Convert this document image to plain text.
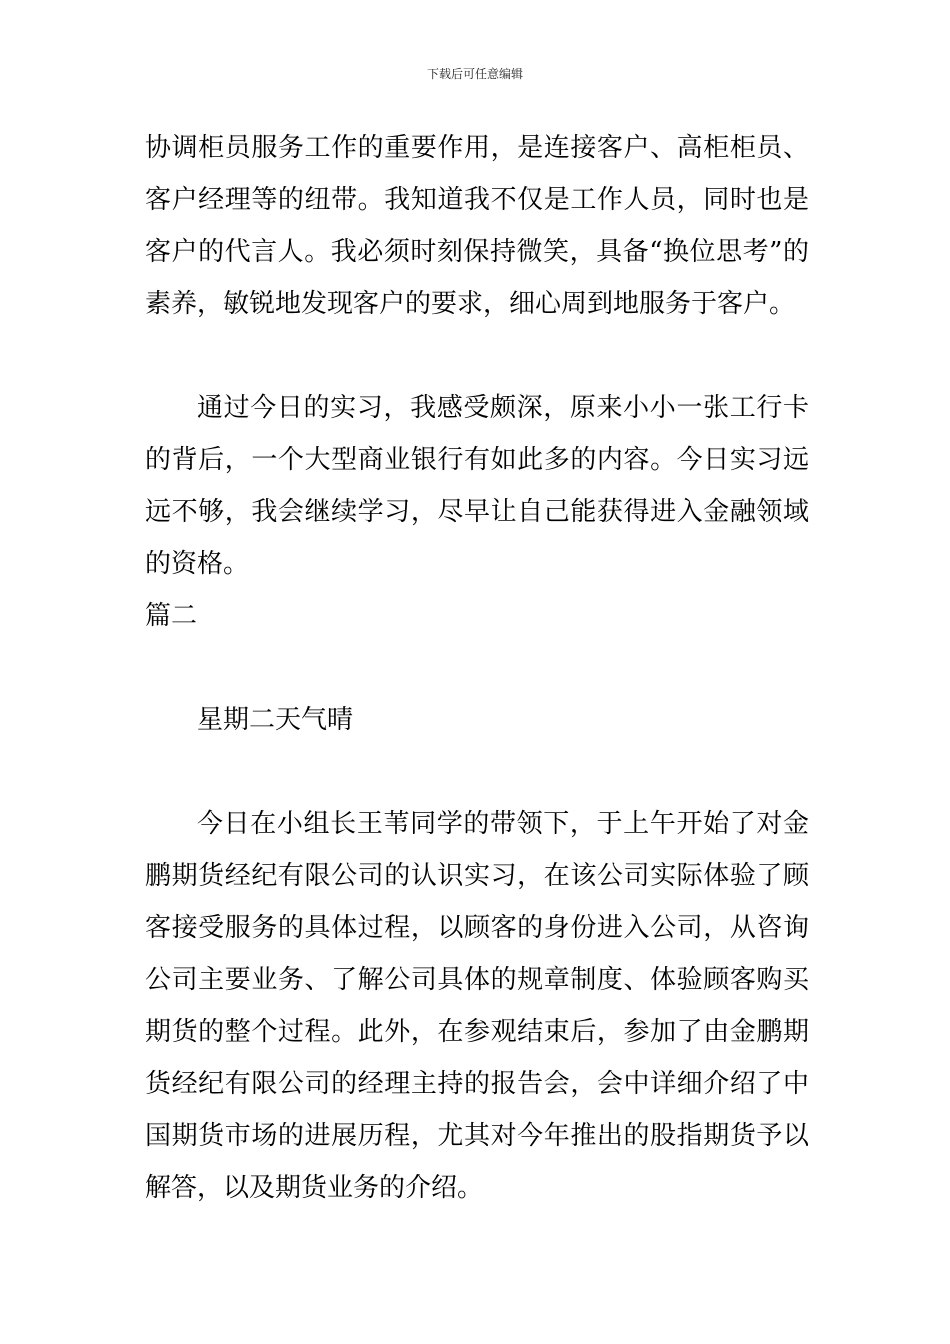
下载后可任意编辑

协调柜员服务工作的重要作用，是连接客户、高柜柜员、客户经理等的纽带。我知道我不仅是工作人员，同时也是客户的代言人。我必须时刻保持微笑，具备“换位思考”的素养，敏锐地发现客户的要求，细心周到地服务于客户。

通过今日的实习，我感受颇深，原来小小一张工行卡的背后，一个大型商业银行有如此多的内容。今日实习远远不够，我会继续学习，尽早让自己能获得进入金融领域的资格。

篇二

星期二天气晴

今日在小组长王苇同学的带领下，于上午开始了对金鹏期货经纪有限公司的认识实习，在该公司实际体验了顾客接受服务的具体过程，以顾客的身份进入公司，从咨询公司主要业务、了解公司具体的规章制度、体验顾客购买期货的整个过程。此外，在参观结束后，参加了由金鹏期货经纪有限公司的经理主持的报告会，会中详细介绍了中国期货市场的进展历程，尤其对今年推出的股指期货予以解答，以及期货业务的介绍。
